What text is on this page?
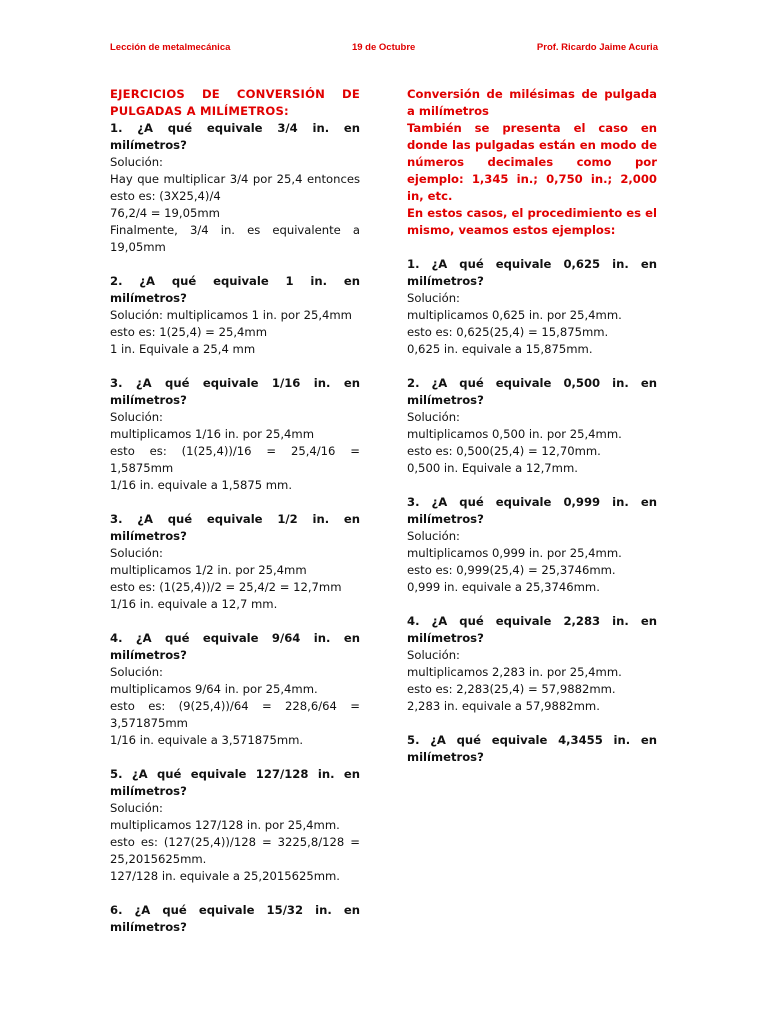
Lección de metalmecánica	19 de Octubre	Prof. Ricardo Jaime Acuria
EJERCICIOS DE CONVERSIÓN DE PULGADAS A MILÍMETROS:
1. ¿A qué equivale 3/4 in. en milímetros?
Solución:
Hay que multiplicar 3/4 por 25,4 entonces esto es: (3X25,4)/4
76,2/4 = 19,05mm
Finalmente, 3/4 in. es equivalente a 19,05mm
2. ¿A qué equivale 1 in. en milímetros?
Solución: multiplicamos 1 in. por 25,4mm
esto es: 1(25,4) = 25,4mm
1 in. Equivale a 25,4 mm
3. ¿A qué equivale 1/16 in. en milímetros?
Solución:
multiplicamos 1/16 in. por 25,4mm
esto es: (1(25,4))/16 = 25,4/16 = 1,5875mm
1/16 in. equivale a 1,5875 mm.
3. ¿A qué equivale 1/2 in. en milímetros?
Solución:
multiplicamos 1/2 in. por 25,4mm
esto es: (1(25,4))/2 = 25,4/2 = 12,7mm
1/16 in. equivale a 12,7 mm.
4. ¿A qué equivale 9/64 in. en milímetros?
Solución:
multiplicamos 9/64 in. por 25,4mm.
esto es: (9(25,4))/64 = 228,6/64 = 3,571875mm
1/16 in. equivale a 3,571875mm.
5. ¿A qué equivale 127/128 in. en milímetros?
Solución:
multiplicamos 127/128 in. por 25,4mm.
esto es: (127(25,4))/128 = 3225,8/128 = 25,2015625mm.
127/128 in. equivale a 25,2015625mm.
6. ¿A qué equivale 15/32 in. en milímetros?
Conversión de milésimas de pulgada a milímetros
También se presenta el caso en donde las pulgadas están en modo de números decimales como por ejemplo: 1,345 in.; 0,750 in.; 2,000 in, etc.
En estos casos, el procedimiento es el mismo, veamos estos ejemplos:
1. ¿A qué equivale 0,625 in. en milímetros?
Solución:
multiplicamos 0,625 in. por 25,4mm.
esto es: 0,625(25,4) = 15,875mm.
0,625 in. equivale a 15,875mm.
2. ¿A qué equivale 0,500 in. en milímetros?
Solución:
multiplicamos 0,500 in. por 25,4mm.
esto es: 0,500(25,4) = 12,70mm.
0,500 in. Equivale a 12,7mm.
3. ¿A qué equivale 0,999 in. en milímetros?
Solución:
multiplicamos 0,999 in. por 25,4mm.
esto es: 0,999(25,4) = 25,3746mm.
0,999 in. equivale a 25,3746mm.
4. ¿A qué equivale 2,283 in. en milímetros?
Solución:
multiplicamos 2,283 in. por 25,4mm.
esto es: 2,283(25,4) = 57,9882mm.
2,283 in. equivale a 57,9882mm.
5. ¿A qué equivale 4,3455 in. en milímetros?
